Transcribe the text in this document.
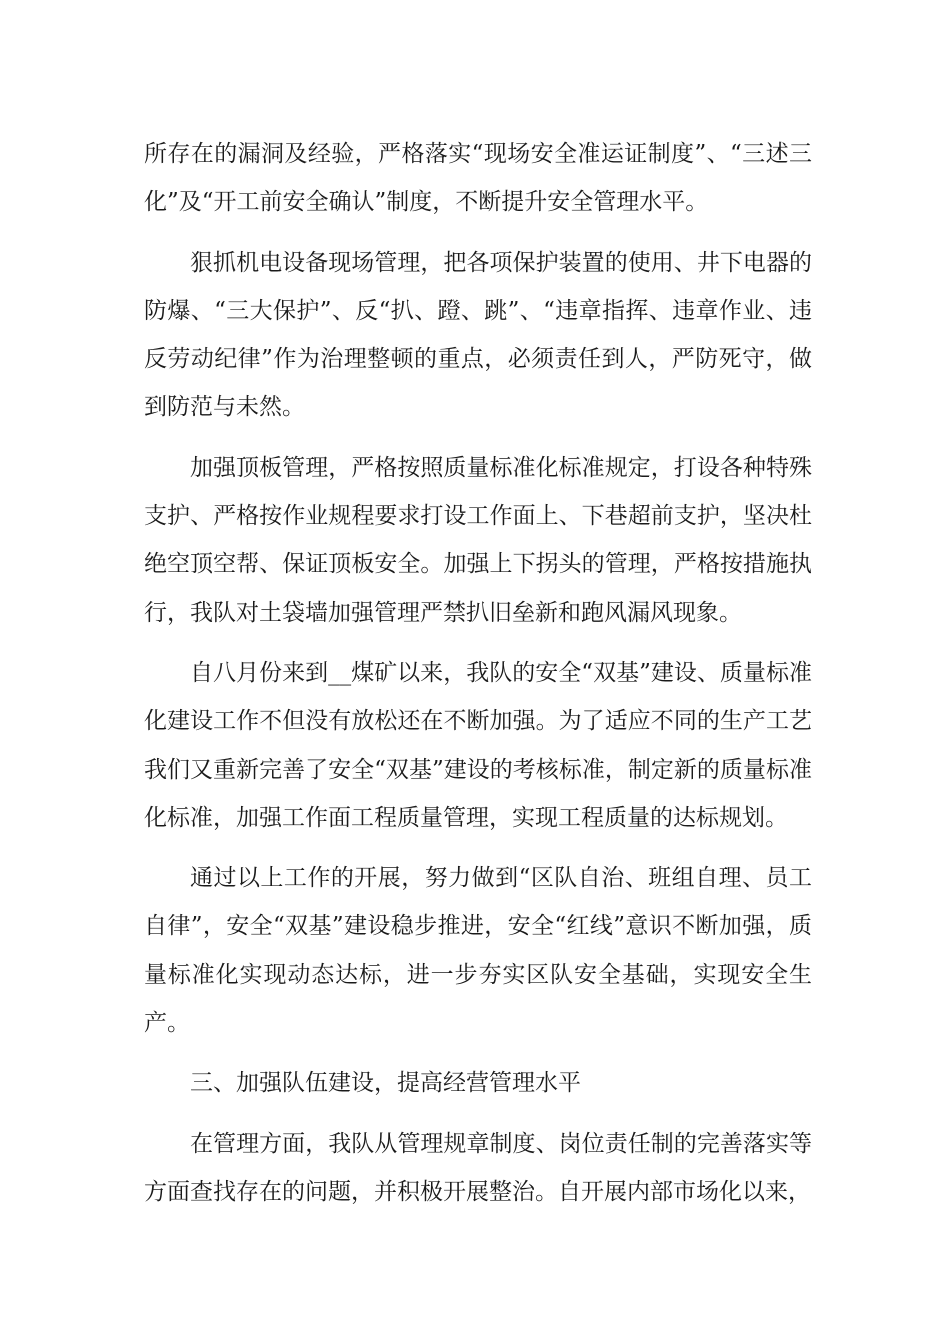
所存在的漏洞及经验，严格落实“现场安全准运证制度”、“三述三化”及“开工前安全确认”制度，不断提升安全管理水平。

狠抓机电设备现场管理，把各项保护装置的使用、井下电器的防爆、“三大保护”、反“扒、蹬、跳”、“违章指挥、违章作业、违反劳动纪律”作为治理整顿的重点，必须责任到人，严防死守，做到防范与未然。

加强顶板管理，严格按照质量标准化标准规定，打设各种特殊支护、严格按作业规程要求打设工作面上、下巷超前支护，坚决杜绝空顶空帮、保证顶板安全。加强上下拐头的管理，严格按措施执行，我队对土袋墙加强管理严禁扒旧垒新和跑风漏风现象。

自八月份来到__煤矿以来，我队的安全“双基”建设、质量标准化建设工作不但没有放松还在不断加强。为了适应不同的生产工艺我们又重新完善了安全“双基”建设的考核标准，制定新的质量标准化标准，加强工作面工程质量管理，实现工程质量的达标规划。

通过以上工作的开展，努力做到“区队自治、班组自理、员工自律”，安全“双基”建设稳步推进，安全“红线”意识不断加强，质量标准化实现动态达标，进一步夯实区队安全基础，实现安全生产。

三、加强队伍建设，提高经营管理水平

在管理方面，我队从管理规章制度、岗位责任制的完善落实等方面查找存在的问题，并积极开展整治。自开展内部市场化以来，
